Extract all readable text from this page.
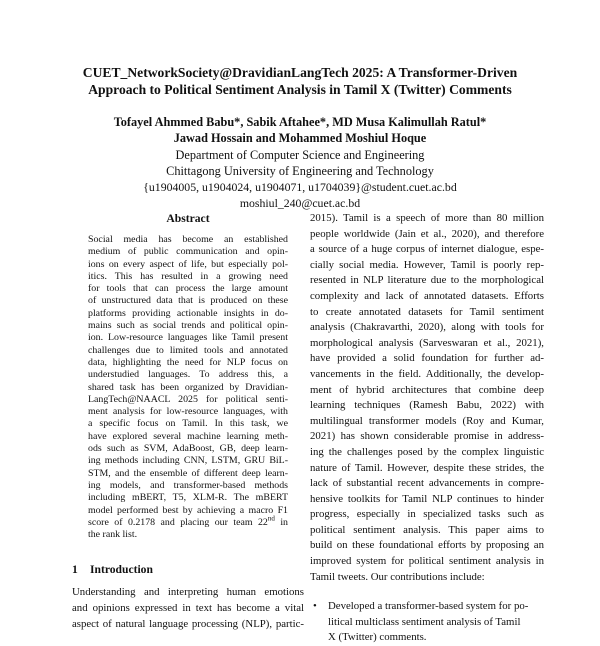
CUET_NetworkSociety@DravidianLangTech 2025: A Transformer-Driven
Approach to Political Sentiment Analysis in Tamil X (Twitter) Comments
Tofayel Ahmmed Babu*, Sabik Aftahee*, MD Musa Kalimullah Ratul*
Jawad Hossain and Mohammed Moshiul Hoque
Department of Computer Science and Engineering
Chittagong University of Engineering and Technology
{u1904005, u1904024, u1904071, u1704039}@student.cuet.ac.bd
moshiul_240@cuet.ac.bd
Abstract
Social media has become an established
medium of public communication and opin-
ions on every aspect of life, but especially pol-
itics. This has resulted in a growing need
for tools that can process the large amount
of unstructured data that is produced on these
platforms providing actionable insights in do-
mains such as social trends and political opin-
ion. Low-resource languages like Tamil present
challenges due to limited tools and annotated
data, highlighting the need for NLP focus on
understudied languages. To address this, a
shared task has been organized by Dravidian-
LangTech@NAACL 2025 for political senti-
ment analysis for low-resource languages, with
a specific focus on Tamil. In this task, we
have explored several machine learning meth-
ods such as SVM, AdaBoost, GB, deep learn-
ing methods including CNN, LSTM, GRU BiL-
STM, and the ensemble of different deep learn-
ing models, and transformer-based methods
including mBERT, T5, XLM-R. The mBERT
model performed best by achieving a macro F1
score of 0.2178 and placing our team 22nd in
the rank list.
1 Introduction
Understanding and interpreting human emotions
and opinions expressed in text has become a vital
aspect of natural language processing (NLP), partic-
2015). Tamil is a speech of more than 80 million
people worldwide (Jain et al., 2020), and therefore
a source of a huge corpus of internet dialogue, espe-
cially social media. However, Tamil is poorly rep-
resented in NLP literature due to the morphological
complexity and lack of annotated datasets. Efforts
to create annotated datasets for Tamil sentiment
analysis (Chakravarthi, 2020), along with tools for
morphological analysis (Sarveswaran et al., 2021),
have provided a solid foundation for further ad-
vancements in the field. Additionally, the develop-
ment of hybrid architectures that combine deep
learning techniques (Ramesh Babu, 2022) with
multilingual transformer models (Roy and Kumar,
2021) has shown considerable promise in address-
ing the challenges posed by the complex linguistic
nature of Tamil. However, despite these strides, the
lack of substantial recent advancements in compre-
hensive toolkits for Tamil NLP continues to hinder
progress, especially in specialized tasks such as
political sentiment analysis. This paper aims to
build on these foundational efforts by proposing an
improved system for political sentiment analysis in
Tamil tweets. Our contributions include:
• Developed a transformer-based system for po-
litical multiclass sentiment analysis of Tamil
X (Twitter) comments.
